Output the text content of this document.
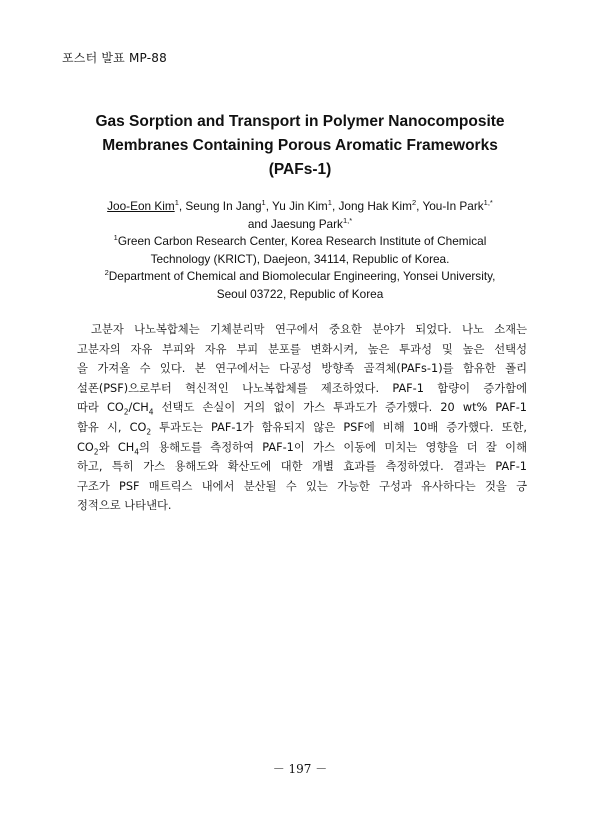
포스터 발표 MP-88
Gas Sorption and Transport in Polymer Nanocomposite
Membranes Containing Porous Aromatic Frameworks
(PAFs-1)
Joo-Eon Kim$^1$, Seung In Jang$^1$, Yu Jin Kim$^1$, Jong Hak Kim$^2$, You-In Park$^{1,*}$
and Jaesung Park$^{1,*}$
$^1$Green Carbon Research Center, Korea Research Institute of Chemical
Technology (KRICT), Daejeon, 34114, Republic of Korea.
$^2$Department of Chemical and Biomolecular Engineering, Yonsei University,
Seoul 03722, Republic of Korea
고분자 나노복합체는 기체분리막 연구에서 중요한 분야가 되었다. 나노 소재는
고분자의 자유 부피와 자유 부피 분포를 변화시켜, 높은 투과성 및 높은 선택성
을 가져올 수 있다. 본 연구에서는 다공성 방향족 골격체(PAFs-1)를 함유한 폴리
설폰(PSF)으로부터 혁신적인 나노복합체를 제조하였다. PAF-1 함량이 증가함에
따라 $CO_2/CH_4$ 선택도 손실이 거의 없이 가스 투과도가 증가했다. 20 wt% PAF-1
함유 시, $CO_2$ 투과도는 PAF-1가 함유되지 않은 PSF에 비해 10배 증가했다. 또한,
$CO_2$와 $CH_4$의 용해도를 측정하여 PAF-1이 가스 이동에 미치는 영향을 더 잘 이해
하고, 특히 가스 용해도와 확산도에 대한 개별 효과를 측정하였다. 결과는 PAF-1
구조가 PSF 매트릭스 내에서 분산될 수 있는 가능한 구성과 유사하다는 것을 긍
정적으로 나타낸다.
－ 197 －
